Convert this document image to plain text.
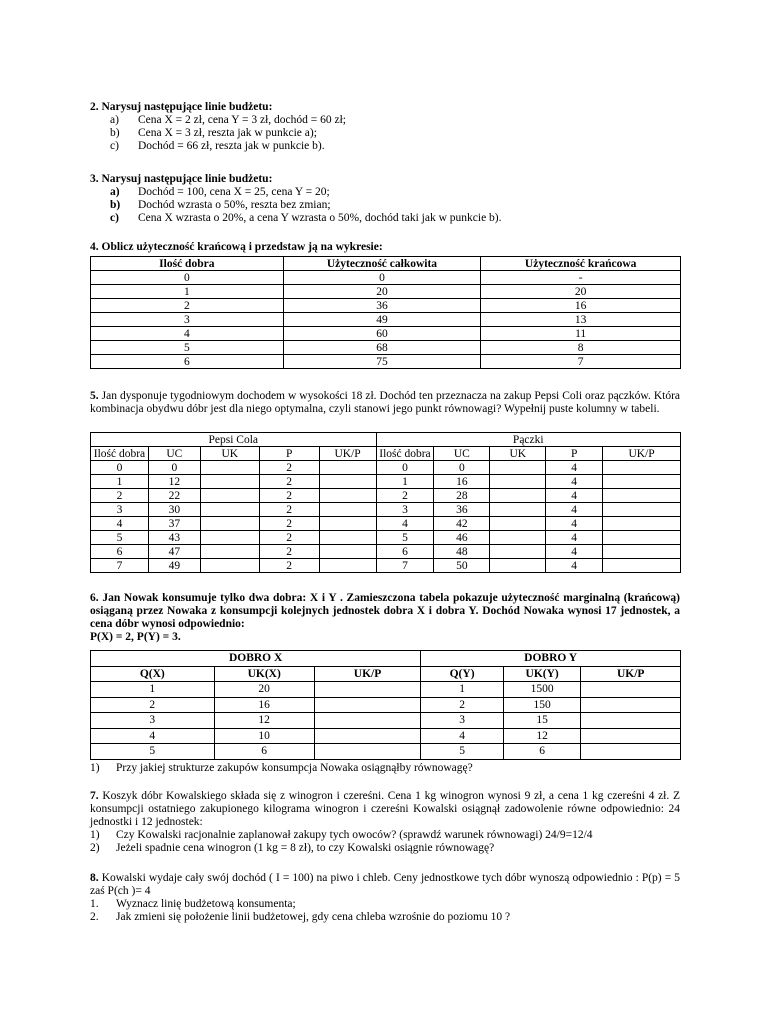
2. Narysuj następujące linie budżetu:
a)	Cena X = 2 zł, cena Y = 3 zł, dochód = 60 zł;
b)	Cena X = 3 zł, reszta jak w punkcie a);
c)	Dochód = 66 zł, reszta jak w punkcie b).
3. Narysuj następujące linie budżetu:
a)	Dochód = 100, cena X = 25, cena Y = 20;
b)	Dochód wzrasta o 50%, reszta bez zmian;
c)	Cena X wzrasta o 20%, a cena Y wzrasta o 50%, dochód taki jak w punkcie b).
4. Oblicz użyteczność krańcową i przedstaw ją na wykresie:
Ilość dobra	Użyteczność całkowita	Użyteczność krańcowa
0	0	-
1	20	20
2	36	16
3	49	13
4	60	11
5	68	8
6	75	7
5. Jan dysponuje tygodniowym dochodem w wysokości 18 zł. Dochód ten przeznacza na zakup Pepsi Coli oraz pączków. Która kombinacja obydwu dóbr jest dla niego optymalna, czyli stanowi jego punkt równowagi? Wypełnij puste kolumny w tabeli.
Pepsi Cola					Pączki				
Ilość dobra	UC	UK	P	UK/P	Ilość dobra	UC	UK	P	UK/P
0	0		2		0	0		4	
1	12		2		1	16		4	
2	22		2		2	28		4	
3	30		2		3	36		4	
4	37		2		4	42		4	
5	43		2		5	46		4	
6	47		2		6	48		4	
7	49		2		7	50		4	
6. Jan Nowak konsumuje tylko dwa dobra: X i Y . Zamieszczona tabela pokazuje użyteczność marginalną (krańcową) osiąganą przez Nowaka z konsumpcji kolejnych jednostek dobra X i dobra Y. Dochód Nowaka wynosi 17 jednostek, a cena dóbr wynosi odpowiednio:
P(X) = 2, P(Y) = 3.
DOBRO X			DOBRO Y		
Q(X)	UK(X)	UK/P	Q(Y)	UK(Y)	UK/P
1	20		1	1500	
2	16		2	150	
3	12		3	15	
4	10		4	12	
5	6		5	6	
1)	Przy jakiej strukturze zakupów konsumpcja Nowaka osiągnąłby równowagę?
7. Koszyk dóbr Kowalskiego składa się z winogron i czereśni. Cena 1 kg winogron wynosi 9 zł, a cena 1 kg czereśni 4 zł. Z konsumpcji ostatniego zakupionego kilograma winogron i czereśni Kowalski osiągnął zadowolenie równe odpowiednio: 24 jednostki i 12 jednostek:
1)	Czy Kowalski racjonalnie zaplanował zakupy tych owoców? (sprawdź warunek równowagi) 24/9=12/4
2)	Jeżeli spadnie cena winogron (1 kg = 8 zł), to czy Kowalski osiągnie równowagę?
8. Kowalski wydaje cały swój dochód ( I = 100) na piwo i chleb. Ceny jednostkowe tych dóbr wynoszą odpowiednio : P(p) = 5 zaś P(ch )= 4
1.	Wyznacz linię budżetową konsumenta;
2.	Jak zmieni się położenie linii budżetowej, gdy cena chleba wzrośnie do poziomu 10 ?
